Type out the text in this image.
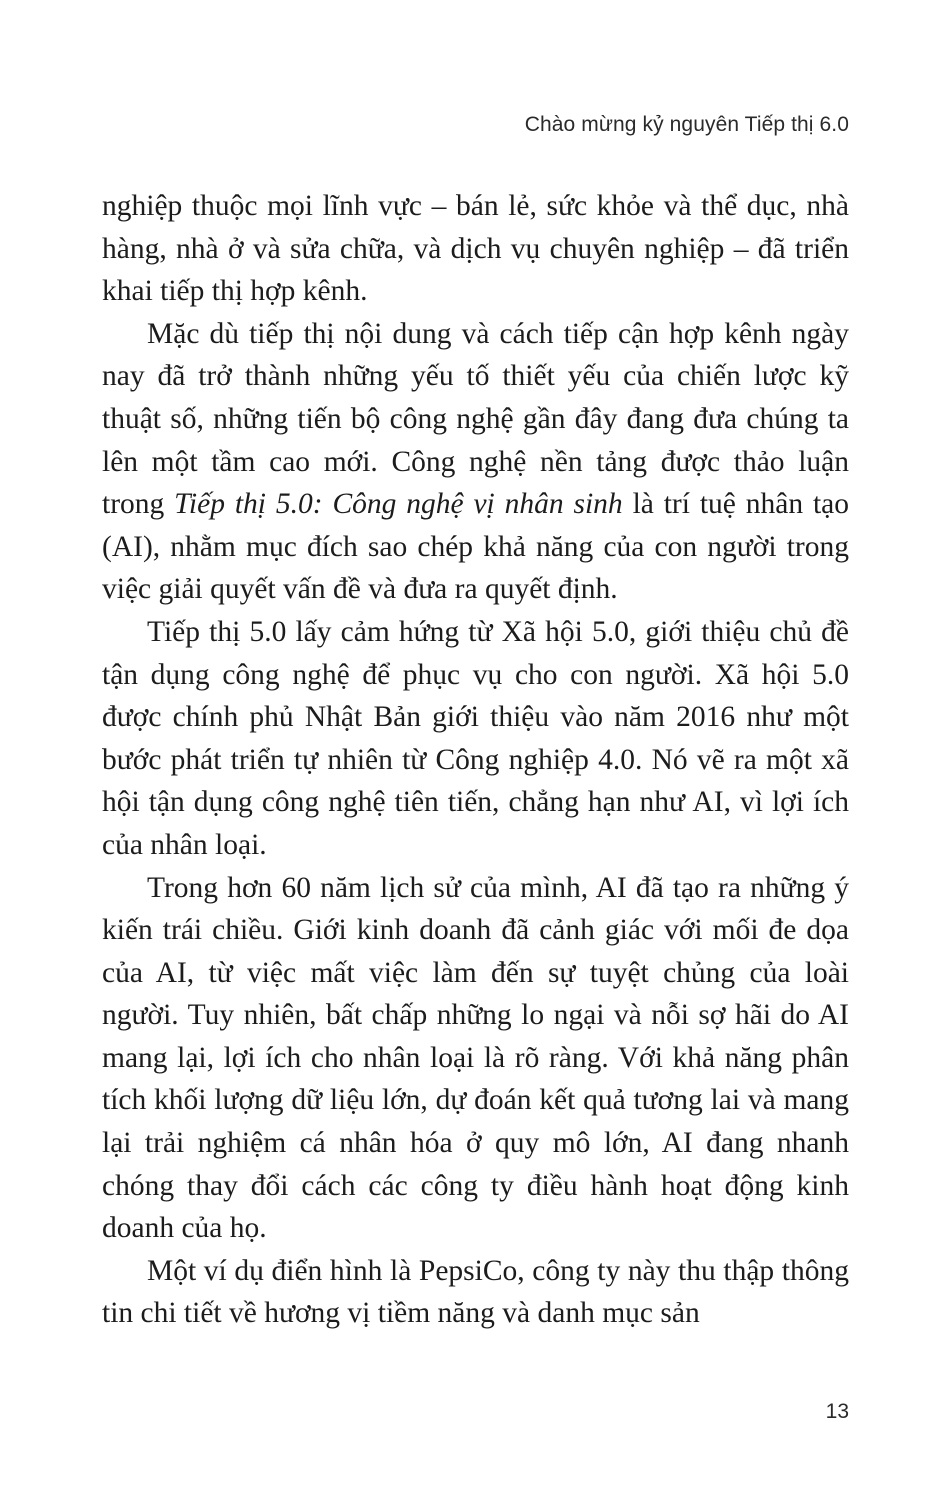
Chào mừng kỷ nguyên Tiếp thị 6.0

nghiệp thuộc mọi lĩnh vực – bán lẻ, sức khỏe và thể dục, nhà hàng, nhà ở và sửa chữa, và dịch vụ chuyên nghiệp – đã triển khai tiếp thị hợp kênh.

Mặc dù tiếp thị nội dung và cách tiếp cận hợp kênh ngày nay đã trở thành những yếu tố thiết yếu của chiến lược kỹ thuật số, những tiến bộ công nghệ gần đây đang đưa chúng ta lên một tầm cao mới. Công nghệ nền tảng được thảo luận trong Tiếp thị 5.0: Công nghệ vị nhân sinh là trí tuệ nhân tạo (AI), nhằm mục đích sao chép khả năng của con người trong việc giải quyết vấn đề và đưa ra quyết định.

Tiếp thị 5.0 lấy cảm hứng từ Xã hội 5.0, giới thiệu chủ đề tận dụng công nghệ để phục vụ cho con người. Xã hội 5.0 được chính phủ Nhật Bản giới thiệu vào năm 2016 như một bước phát triển tự nhiên từ Công nghiệp 4.0. Nó vẽ ra một xã hội tận dụng công nghệ tiên tiến, chẳng hạn như AI, vì lợi ích của nhân loại.

Trong hơn 60 năm lịch sử của mình, AI đã tạo ra những ý kiến trái chiều. Giới kinh doanh đã cảnh giác với mối đe dọa của AI, từ việc mất việc làm đến sự tuyệt chủng của loài người. Tuy nhiên, bất chấp những lo ngại và nỗi sợ hãi do AI mang lại, lợi ích cho nhân loại là rõ ràng. Với khả năng phân tích khối lượng dữ liệu lớn, dự đoán kết quả tương lai và mang lại trải nghiệm cá nhân hóa ở quy mô lớn, AI đang nhanh chóng thay đổi cách các công ty điều hành hoạt động kinh doanh của họ.

Một ví dụ điển hình là PepsiCo, công ty này thu thập thông tin chi tiết về hương vị tiềm năng và danh mục sản

13
